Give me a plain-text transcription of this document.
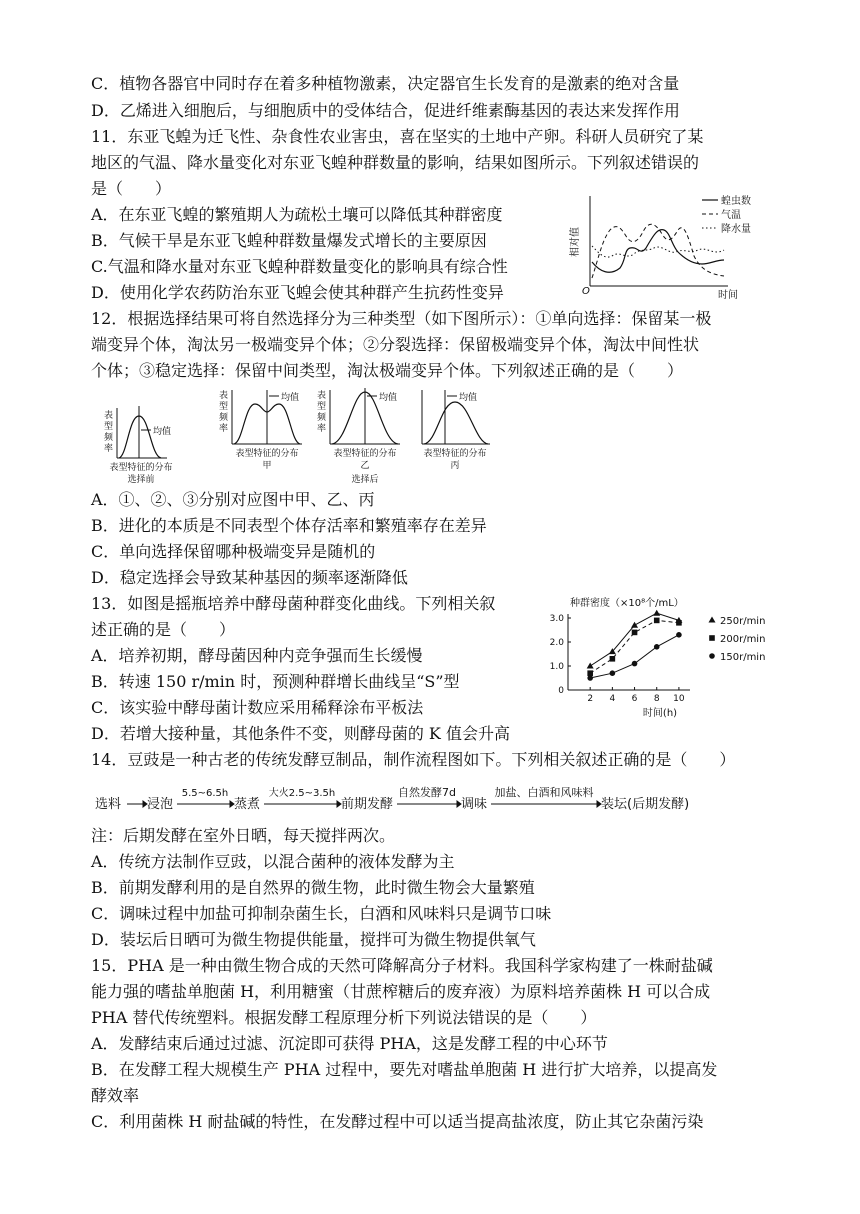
C．植物各器官中同时存在着多种植物激素，决定器官生长发育的是激素的绝对含量
D．乙烯进入细胞后，与细胞质中的受体结合，促进纤维素酶基因的表达来发挥作用
11．东亚飞蝗为迁飞性、杂食性农业害虫，喜在坚实的土地中产卵。科研人员研究了某
地区的气温、降水量变化对东亚飞蝗种群数量的影响，结果如图所示。下列叙述错误的
是（　　）
A．在东亚飞蝗的繁殖期人为疏松土壤可以降低其种群密度
B．气候干旱是东亚飞蝗种群数量爆发式增长的主要原因
C.气温和降水量对东亚飞蝗种群数量变化的影响具有综合性
D．使用化学农药防治东亚飞蝗会使其种群产生抗药性变异
12．根据选择结果可将自然选择分为三种类型（如下图所示）：①单向选择：保留某一极
端变异个体，淘汰另一极端变异个体；②分裂选择：保留极端变异个体，淘汰中间性状
个体；③稳定选择：保留中间类型，淘汰极端变异个体。下列叙述正确的是（　　）
A．①、②、③分别对应图中甲、乙、丙
B．进化的本质是不同表型个体存活率和繁殖率存在差异
C．单向选择保留哪种极端变异是随机的
D．稳定选择会导致某种基因的频率逐渐降低
13．如图是摇瓶培养中酵母菌种群变化曲线。下列相关叙
述正确的是（　　）
A．培养初期，酵母菌因种内竞争强而生长缓慢
B．转速 150 r/min 时，预测种群增长曲线呈“S”型
C．该实验中酵母菌计数应采用稀释涂布平板法
D．若增大接种量，其他条件不变，则酵母菌的 K 值会升高
14．豆豉是一种古老的传统发酵豆制品，制作流程图如下。下列相关叙述正确的是（　　）
注：后期发酵在室外日晒，每天搅拌两次。
A．传统方法制作豆豉，以混合菌种的液体发酵为主
B．前期发酵利用的是自然界的微生物，此时微生物会大量繁殖
C．调味过程中加盐可抑制杂菌生长，白酒和风味料只是调节口味
D．装坛后日晒可为微生物提供能量，搅拌可为微生物提供氧气
15．PHA 是一种由微生物合成的天然可降解高分子材料。我国科学家构建了一株耐盐碱
能力强的嗜盐单胞菌 H，利用糖蜜（甘蔗榨糖后的废弃液）为原料培养菌株 H 可以合成
PHA 替代传统塑料。根据发酵工程原理分析下列说法错误的是（　　）
A．发酵结束后通过过滤、沉淀即可获得 PHA，这是发酵工程的中心环节
B．在发酵工程大规模生产 PHA 过程中，要先对嗜盐单胞菌 H 进行扩大培养，以提高发
酵效率
C．利用菌株 H 耐盐碱的特性，在发酵过程中可以适当提高盐浓度，防止其它杂菌污染
O
相对值
时间
蝗虫数
气温
降水量
表
型
频
率
均值
表型特征的分布
选择前
表
型
频
率
均值
表型特征的分布
甲
表
型
频
率
均值
表型特征的分布
乙
选择后
均值
表型特征的分布
丙
种群密度（×10⁸个/mL）
时间(h)
2 4 6 8 10
0
1.0
2.0
3.0	250r/min
200r/min
150r/min
选料 浸泡	蒸煮	前期发酵	调味	装坛(后期发酵)
5.5~6.5h	大火2.5~3.5h	自然发酵7d	加盐、白酒和风味料
